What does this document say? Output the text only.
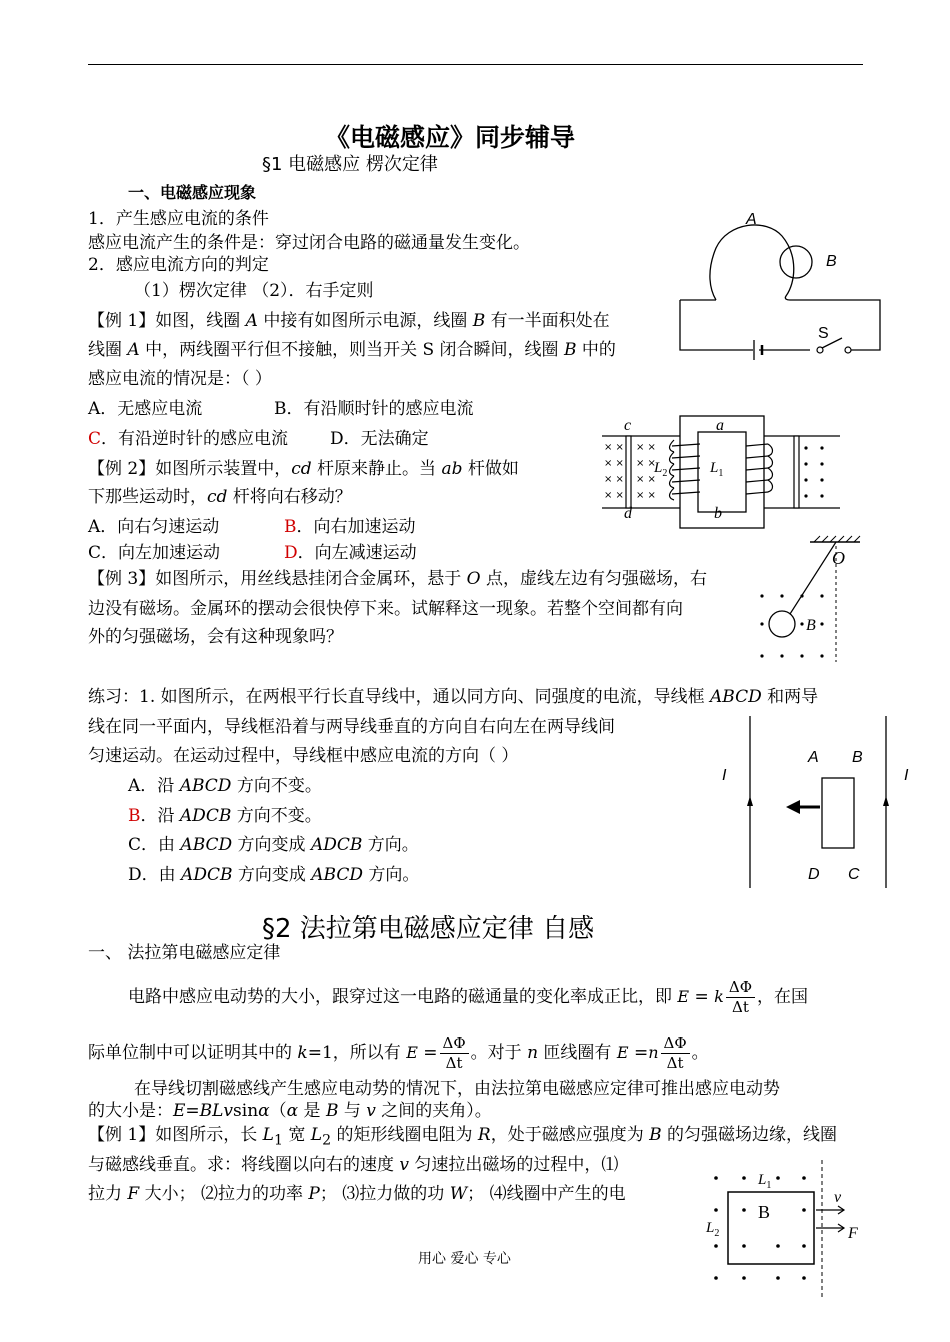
《电磁感应》同步辅导
§1 电磁感应 楞次定律
一、电磁感应现象
1．产生感应电流的条件
感应电流产生的条件是：穿过闭合电路的磁通量发生变化。
2．感应电流方向的判定
（1）楞次定律 （2）．右手定则
【例 1】如图，线圈 A 中接有如图所示电源，线圈 B 有一半面积处在
线圈 A 中，两线圈平行但不接触，则当开关 S 闭合瞬间，线圈 B 中的
感应电流的情况是：（ ）
A．无感应电流	B．有沿顺时针的感应电流
C．有沿逆时针的感应电流 D．无法确定
【例 2】如图所示装置中，cd 杆原来静止。当 ab 杆做如
下那些运动时，cd 杆将向右移动？
A．向右匀速运动	B．向右加速运动
C．向左加速运动	D．向左减速运动
【例 3】如图所示，用丝线悬挂闭合金属环，悬于 O 点，虚线左边有匀强磁场，右
边没有磁场。金属环的摆动会很快停下来。试解释这一现象。若整个空间都有向
外的匀强磁场，会有这种现象吗？
练习：1. 如图所示，在两根平行长直导线中，通以同方向、同强度的电流，导线框 ABCD 和两导
线在同一平面内，导线框沿着与两导线垂直的方向自右向左在两导线间
匀速运动。在运动过程中，导线框中感应电流的方向（ ）
A．沿 ABCD 方向不变。
B．沿 ADCB 方向不变。
C．由 ABCD 方向变成 ADCB 方向。
D．由 ADCB 方向变成 ABCD 方向。
§2 法拉第电磁感应定律 自感
一、 法拉第电磁感应定律
电路中感应电动势的大小，跟穿过这一电路的磁通量的变化率成正比，即 E = k $\frac{\Delta\Phi}{\Delta t}$ ，在国
际单位制中可以证明其中的 k=1，所以有 $E = \frac{\Delta\Phi}{\Delta t}$ 。对于 n 匝线圈有 $E =n \frac{\Delta\Phi}{\Delta t}$ 。
在导线切割磁感线产生感应电动势的情况下，由法拉第电磁感应定律可推出感应电动势
的大小是：E=BLvsinα（α 是 B 与 v 之间的夹角）。
【例 1】如图所示，长 $L_1$ 宽 $L_2$ 的矩形线圈电阻为 R，处于磁感应强度为 B 的匀强磁场边缘，线圈
与磁感线垂直。求：将线圈以向右的速度 v 匀速拉出磁场的过程中，⑴
拉力 F 大小； ⑵拉力的功率 P； ⑶拉力做的功 W； ⑷线圈中产生的电
用心 爱心 专心
A
B
S
× × × ×
× × × ×
× × × ×
× × × ×
c	a
d	b
$L_2$	$L_1$
O
B
I	I
A B
D C
$L_1$
B
$L_2$
v
F
